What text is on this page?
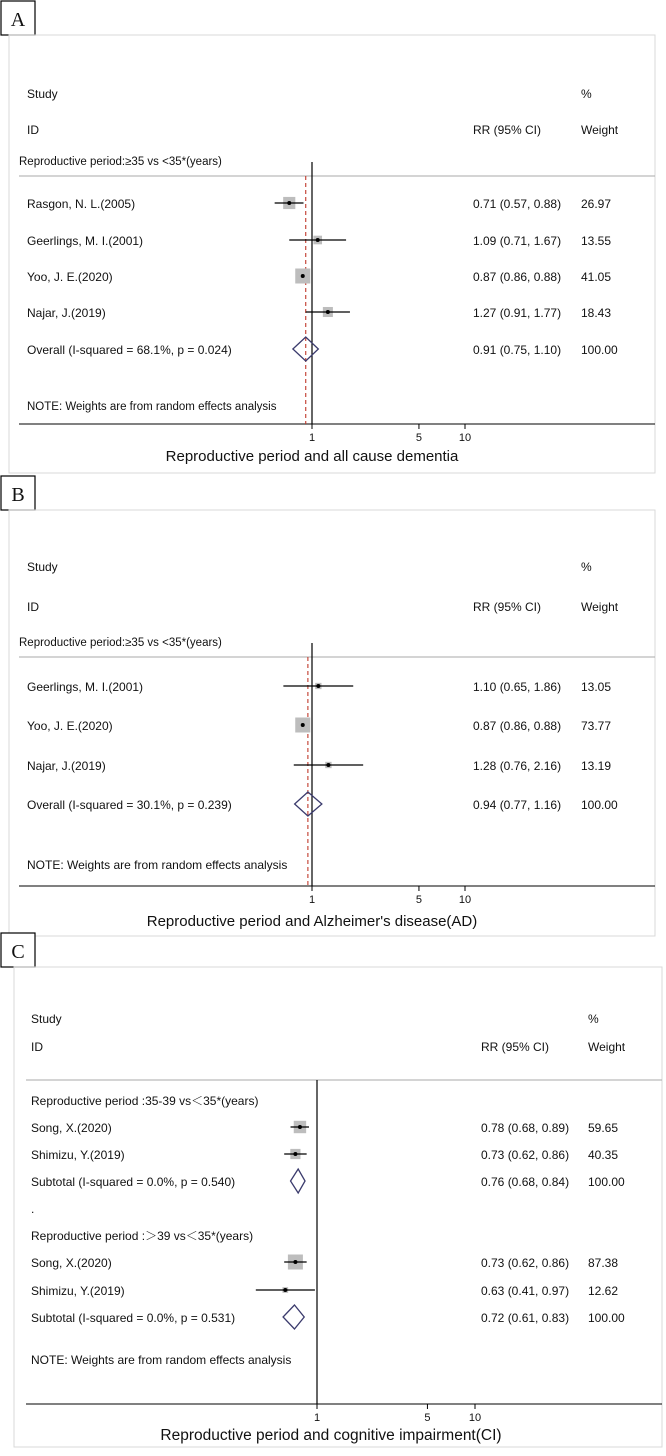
A
Study
ID	RR (95% CI)
%
Weight
Reproductive period:≥35 vs <35*(years)
Rasgon, N. L.(2005)	0.71 (0.57, 0.88) 26.97
Geerlings, M. I.(2001)	1.09 (0.71, 1.67) 13.55
Yoo, J. E.(2020)	0.87 (0.86, 0.88) 41.05
Najar, J.(2019)	1.27 (0.91, 1.77) 18.43
Overall (I-squared = 68.1%, p = 0.024)	0.91 (0.75, 1.10) 100.00
NOTE: Weights are from random effects analysis
1	5	10
Reproductive period and all cause dementia
B
Study
ID	RR (95% CI)
%
Weight
Reproductive period:≥35 vs <35*(years)
Geerlings, M. I.(2001)	1.10 (0.65, 1.86) 13.05
Yoo, J. E.(2020)	0.87 (0.86, 0.88) 73.77
Najar, J.(2019)	1.28 (0.76, 2.16) 13.19
Overall (I-squared = 30.1%, p = 0.239)	0.94 (0.77, 1.16) 100.00
NOTE: Weights are from random effects analysis
1	5	10
Reproductive period and Alzheimer's disease(AD)
C
Study
ID	RR (95% CI)
%
Weight
Reproductive period :35-39 vs＜35*(years)
Song, X.(2020)	0.78 (0.68, 0.89) 59.65
Shimizu, Y.(2019)	0.73 (0.62, 0.86) 40.35
Subtotal (I-squared = 0.0%, p = 0.540)	0.76 (0.68, 0.84) 100.00
.
Reproductive period :＞39 vs＜35*(years)
Song, X.(2020)	0.73 (0.62, 0.86) 87.38
Shimizu, Y.(2019)	0.63 (0.41, 0.97) 12.62
Subtotal (I-squared = 0.0%, p = 0.531)	0.72 (0.61, 0.83) 100.00
NOTE: Weights are from random effects analysis
1	5	10
Reproductive period and cognitive impairment(CI)
